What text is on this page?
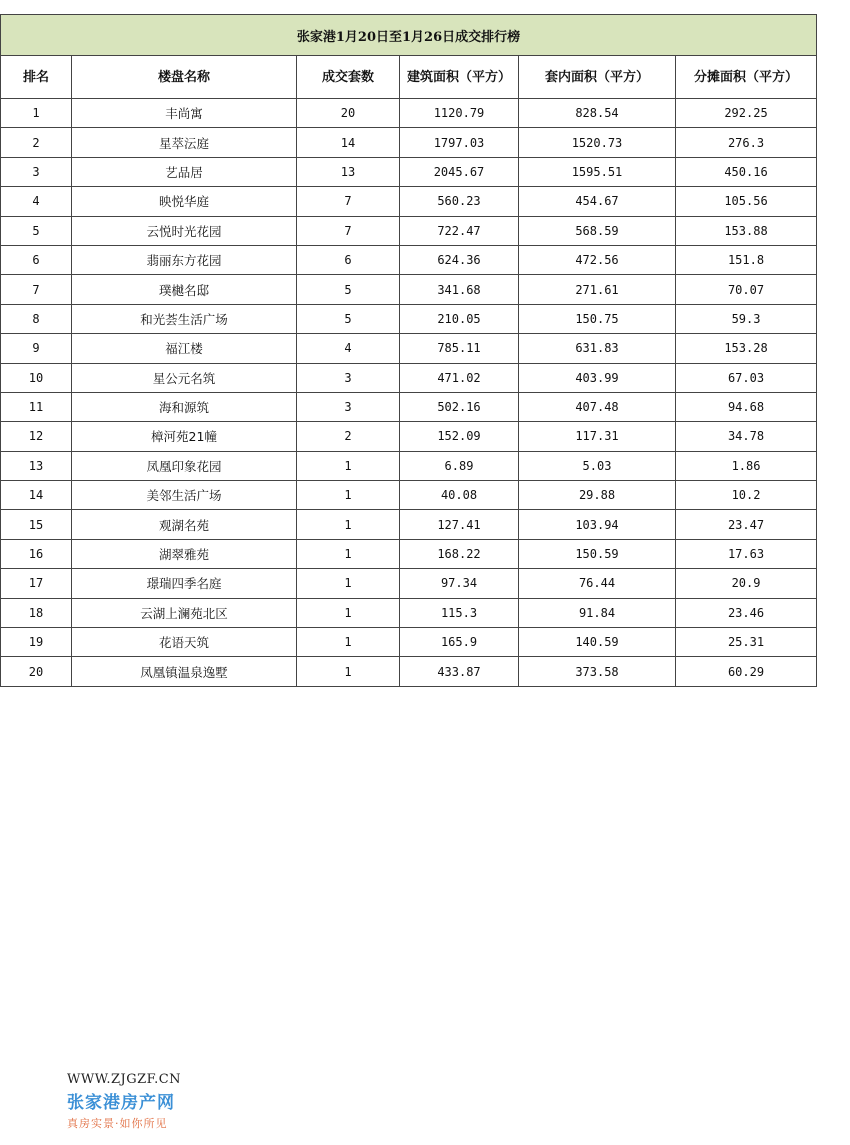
张家港1月20日至1月26日成交排行榜					
排名	楼盘名称	成交套数	建筑面积（平方）	套内面积（平方）	分摊面积（平方）
1	丰尚寓	20	1120.79	828.54	292.25
2	星萃沄庭	14	1797.03	1520.73	276.3
3	艺品居	13	2045.67	1595.51	450.16
4	映悦华庭	7	560.23	454.67	105.56
5	云悦时光花园	7	722.47	568.59	153.88
6	翡丽东方花园	6	624.36	472.56	151.8
7	璞樾名邸	5	341.68	271.61	70.07
8	和光荟生活广场	5	210.05	150.75	59.3
9	福江楼	4	785.11	631.83	153.28
10	星公元名筑	3	471.02	403.99	67.03
11	海和源筑	3	502.16	407.48	94.68
12	樟河苑21幢	2	152.09	117.31	34.78
13	凤凰印象花园	1	6.89	5.03	1.86
14	美邻生活广场	1	40.08	29.88	10.2
15	观湖名苑	1	127.41	103.94	23.47
16	湖翠雅苑	1	168.22	150.59	17.63
17	璟瑞四季名庭	1	97.34	76.44	20.9
18	云湖上澜苑北区	1	115.3	91.84	23.46
19	花语天筑	1	165.9	140.59	25.31
20	凤凰镇温泉逸墅	1	433.87	373.58	60.29
WWW.ZJGZF.CN
张家港房产网
真房实景·如你所见
